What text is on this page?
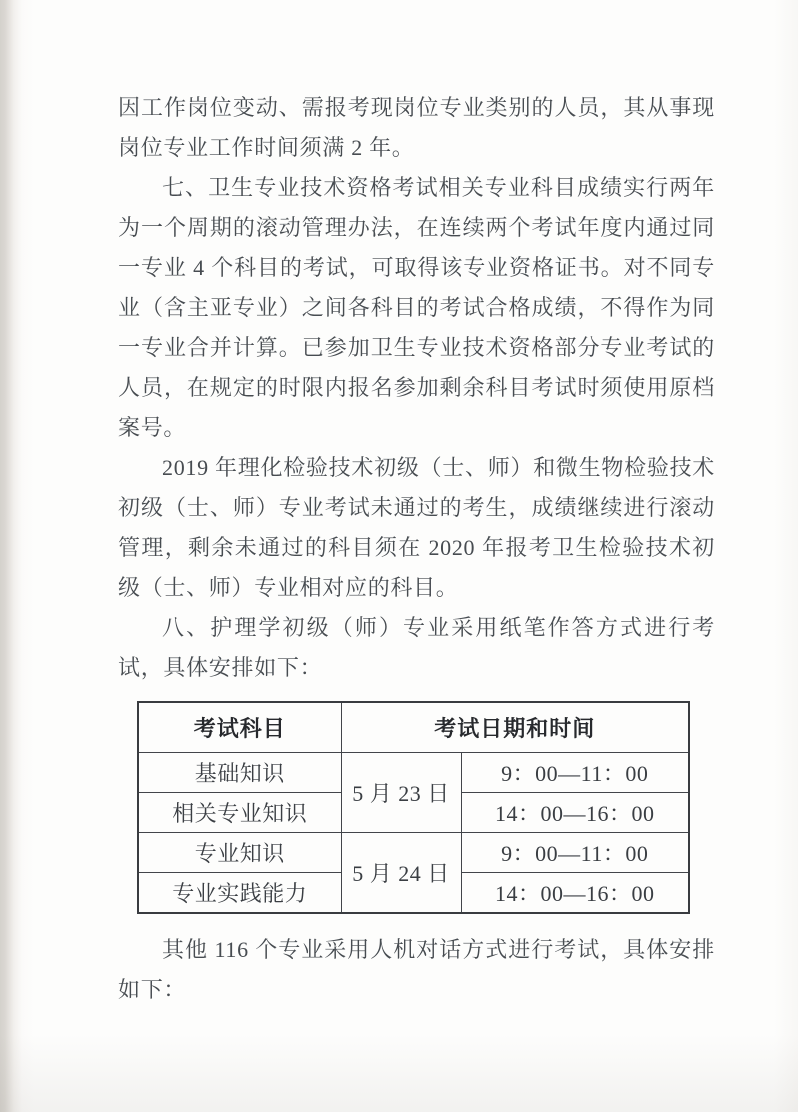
因工作岗位变动、需报考现岗位专业类别的人员，其从事现岗位专业工作时间须满 2 年。

七、卫生专业技术资格考试相关专业科目成绩实行两年为一个周期的滚动管理办法，在连续两个考试年度内通过同一专业 4 个科目的考试，可取得该专业资格证书。对不同专业（含主亚专业）之间各科目的考试合格成绩，不得作为同一专业合并计算。已参加卫生专业技术资格部分专业考试的人员，在规定的时限内报名参加剩余科目考试时须使用原档案号。

2019 年理化检验技术初级（士、师）和微生物检验技术初级（士、师）专业考试未通过的考生，成绩继续进行滚动管理，剩余未通过的科目须在 2020 年报考卫生检验技术初级（士、师）专业相对应的科目。

八、护理学初级（师）专业采用纸笔作答方式进行考试，具体安排如下：

考试科目	考试日期和时间	
基础知识	5 月 23 日	9：00—11：00
相关专业知识		14：00—16：00
专业知识	5 月 24 日	9：00—11：00
专业实践能力		14：00—16：00

其他 116 个专业采用人机对话方式进行考试，具体安排如下：
